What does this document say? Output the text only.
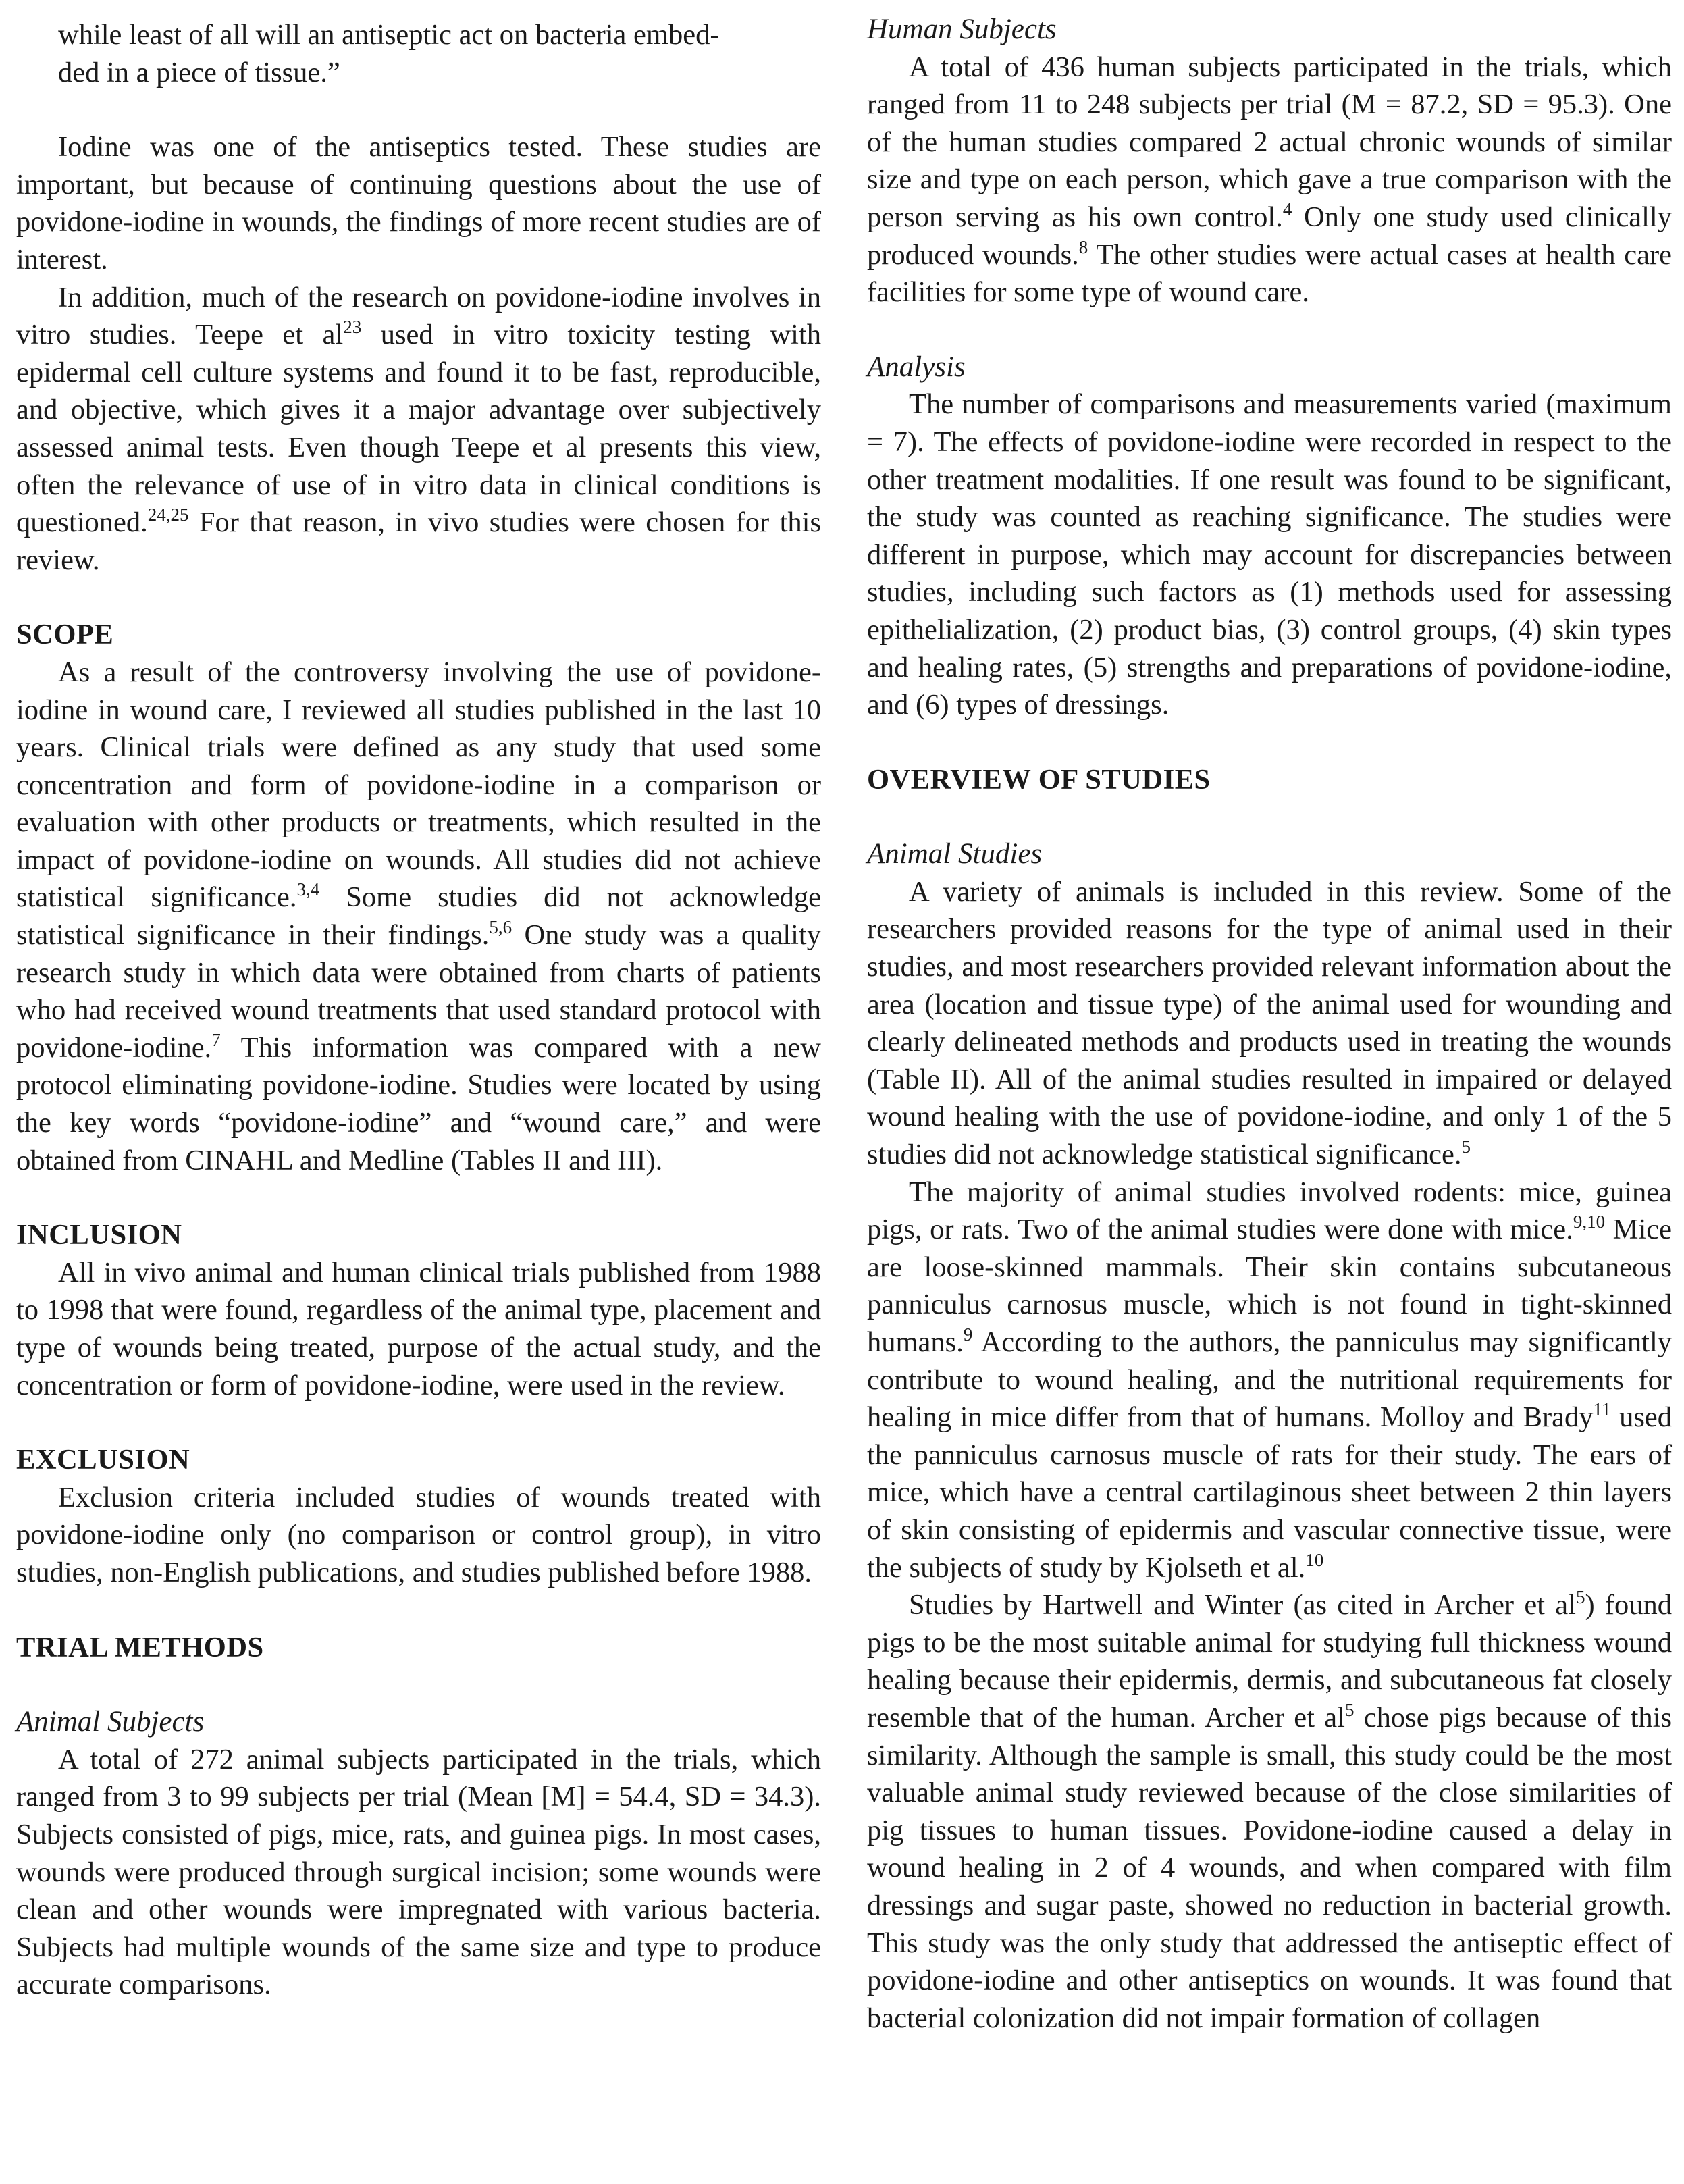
while least of all will an antiseptic act on bacteria embed-
ded in a piece of tissue.”

Iodine was one of the antiseptics tested. These studies are important, but because of continuing questions about the use of povidone-iodine in wounds, the findings of more recent studies are of interest.

In addition, much of the research on povidone-iodine involves in vitro studies. Teepe et $al^{23}$ used in vitro toxicity testing with epidermal cell culture systems and found it to be fast, reproducible, and objective, which gives it a major advantage over subjectively assessed animal tests. Even though Teepe et al presents this view, often the relevance of use of in vitro data in clinical conditions is questioned.$^{24,25}$ For that reason, in vivo studies were chosen for this review.

SCOPE

As a result of the controversy involving the use of povidone-iodine in wound care, I reviewed all studies published in the last 10 years. Clinical trials were defined as any study that used some concentration and form of povidone-iodine in a comparison or evaluation with other products or treatments, which resulted in the impact of povidone-iodine on wounds. All studies did not achieve statistical significance.$^{3,4}$ Some studies did not acknowledge statistical significance in their findings.$^{5,6}$ One study was a quality research study in which data were obtained from charts of patients who had received wound treatments that used standard protocol with povidone-iodine.$^7$ This information was compared with a new protocol eliminating povidone-iodine. Studies were located by using the key words “povidone-iodine” and “wound care,” and were obtained from CINAHL and Medline (Tables II and III).

INCLUSION

All in vivo animal and human clinical trials published from 1988 to 1998 that were found, regardless of the animal type, placement and type of wounds being treated, purpose of the actual study, and the concentration or form of povidone-iodine, were used in the review.

EXCLUSION

Exclusion criteria included studies of wounds treated with povidone-iodine only (no comparison or control group), in vitro studies, non-English publications, and studies published before 1988.

TRIAL METHODS
Animal Subjects

A total of 272 animal subjects participated in the trials, which ranged from 3 to 99 subjects per trial (Mean [M] = 54.4, SD = 34.3). Subjects consisted of pigs, mice, rats, and guinea pigs. In most cases, wounds were produced through surgical incision; some wounds were clean and other wounds were impregnated with various bacteria. Subjects had multiple wounds of the same size and type to produce accurate comparisons.

Human Subjects

A total of 436 human subjects participated in the trials, which ranged from 11 to 248 subjects per trial (M = 87.2, SD = 95.3). One of the human studies compared 2 actual chronic wounds of similar size and type on each person, which gave a true comparison with the person serving as his own control.$^4$ Only one study used clinically produced wounds.$^8$ The other studies were actual cases at health care facilities for some type of wound care.

Analysis

The number of comparisons and measurements varied (maximum = 7). The effects of povidone-iodine were recorded in respect to the other treatment modalities. If one result was found to be significant, the study was counted as reaching significance. The studies were different in purpose, which may account for discrepancies between studies, including such factors as (1) methods used for assessing epithelialization, (2) product bias, (3) control groups, (4) skin types and healing rates, (5) strengths and preparations of povidone-iodine, and (6) types of dressings.

OVERVIEW OF STUDIES
Animal Studies

A variety of animals is included in this review. Some of the researchers provided reasons for the type of animal used in their studies, and most researchers provided relevant information about the area (location and tissue type) of the animal used for wounding and clearly delineated methods and products used in treating the wounds (Table II). All of the animal studies resulted in impaired or delayed wound healing with the use of povidone-iodine, and only 1 of the 5 studies did not acknowledge statistical significance.$^5$

The majority of animal studies involved rodents: mice, guinea pigs, or rats. Two of the animal studies were done with mice.$^{9,10}$ Mice are loose-skinned mammals. Their skin contains subcutaneous panniculus carnosus muscle, which is not found in tight-skinned humans.$^9$ According to the authors, the panniculus may significantly contribute to wound healing, and the nutritional requirements for healing in mice differ from that of humans. Molloy and Brady$^{11}$ used the panniculus carnosus muscle of rats for their study. The ears of mice, which have a central cartilaginous sheet between 2 thin layers of skin consisting of epidermis and vascular connective tissue, were the subjects of study by Kjolseth et al.$^{10}$

Studies by Hartwell and Winter (as cited in Archer et $al^5$) found pigs to be the most suitable animal for studying full thickness wound healing because their epidermis, dermis, and subcutaneous fat closely resemble that of the human. Archer et $al^5$ chose pigs because of this similarity. Although the sample is small, this study could be the most valuable animal study reviewed because of the close similarities of pig tissues to human tissues. Povidone-iodine caused a delay in wound healing in 2 of 4 wounds, and when compared with film dressings and sugar paste, showed no reduction in bacterial growth. This study was the only study that addressed the antiseptic effect of povidone-iodine and other antiseptics on wounds. It was found that bacterial colonization did not impair formation of collagen
